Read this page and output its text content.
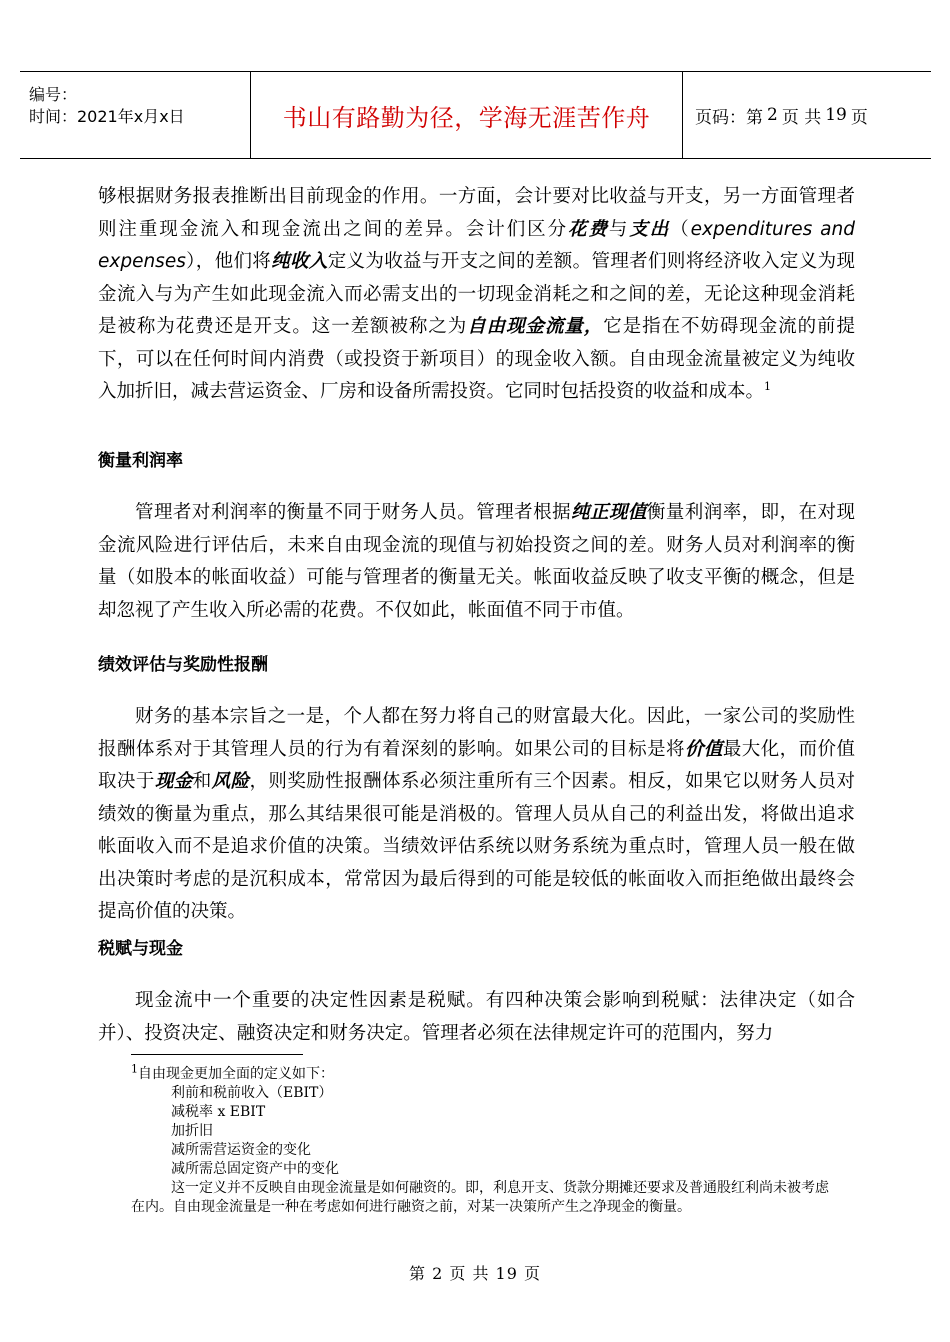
编号：
时间：2021年x月x日	书山有路勤为径，学海无涯苦作舟	页码：第 2 页 共 19 页

够根据财务报表推断出目前现金的作用。一方面，会计要对比收益与开支，另一方面管理者则注重现金流入和现金流出之间的差异。会计们区分花费与支出（expenditures and expenses），他们将纯收入定义为收益与开支之间的差额。管理者们则将经济收入定义为现金流入与为产生如此现金流入而必需支出的一切现金消耗之和之间的差，无论这种现金消耗是被称为花费还是开支。这一差额被称之为自由现金流量，它是指在不妨碍现金流的前提下，可以在任何时间内消费（或投资于新项目）的现金收入额。自由现金流量被定义为纯收入加折旧，减去营运资金、厂房和设备所需投资。它同时包括投资的收益和成本。$^1$

衡量利润率

管理者对利润率的衡量不同于财务人员。管理者根据纯正现值衡量利润率，即，在对现金流风险进行评估后，未来自由现金流的现值与初始投资之间的差。财务人员对利润率的衡量（如股本的帐面收益）可能与管理者的衡量无关。帐面收益反映了收支平衡的概念，但是却忽视了产生收入所必需的花费。不仅如此，帐面值不同于市值。

绩效评估与奖励性报酬

财务的基本宗旨之一是，个人都在努力将自己的财富最大化。因此，一家公司的奖励性报酬体系对于其管理人员的行为有着深刻的影响。如果公司的目标是将价值最大化，而价值取决于现金和风险，则奖励性报酬体系必须注重所有三个因素。相反，如果它以财务人员对绩效的衡量为重点，那么其结果很可能是消极的。管理人员从自己的利益出发，将做出追求帐面收入而不是追求价值的决策。当绩效评估系统以财务系统为重点时，管理人员一般在做出决策时考虑的是沉积成本，常常因为最后得到的可能是较低的帐面收入而拒绝做出最终会提高价值的决策。

税赋与现金

现金流中一个重要的决定性因素是税赋。有四种决策会影响到税赋：法律决定（如合并）、投资决定、融资决定和财务决定。管理者必须在法律规定许可的范围内，努力

$^1$自由现金更加全面的定义如下：

利前和税前收入（EBIT）

减税率 x EBIT

加折旧

减所需营运资金的变化

减所需总固定资产中的变化

这一定义并不反映自由现金流量是如何融资的。即，利息开支、货款分期摊还要求及普通股红利尚未被考虑在内。自由现金流量是一种在考虑如何进行融资之前，对某一决策所产生之净现金的衡量。

第 2 页 共 19 页
